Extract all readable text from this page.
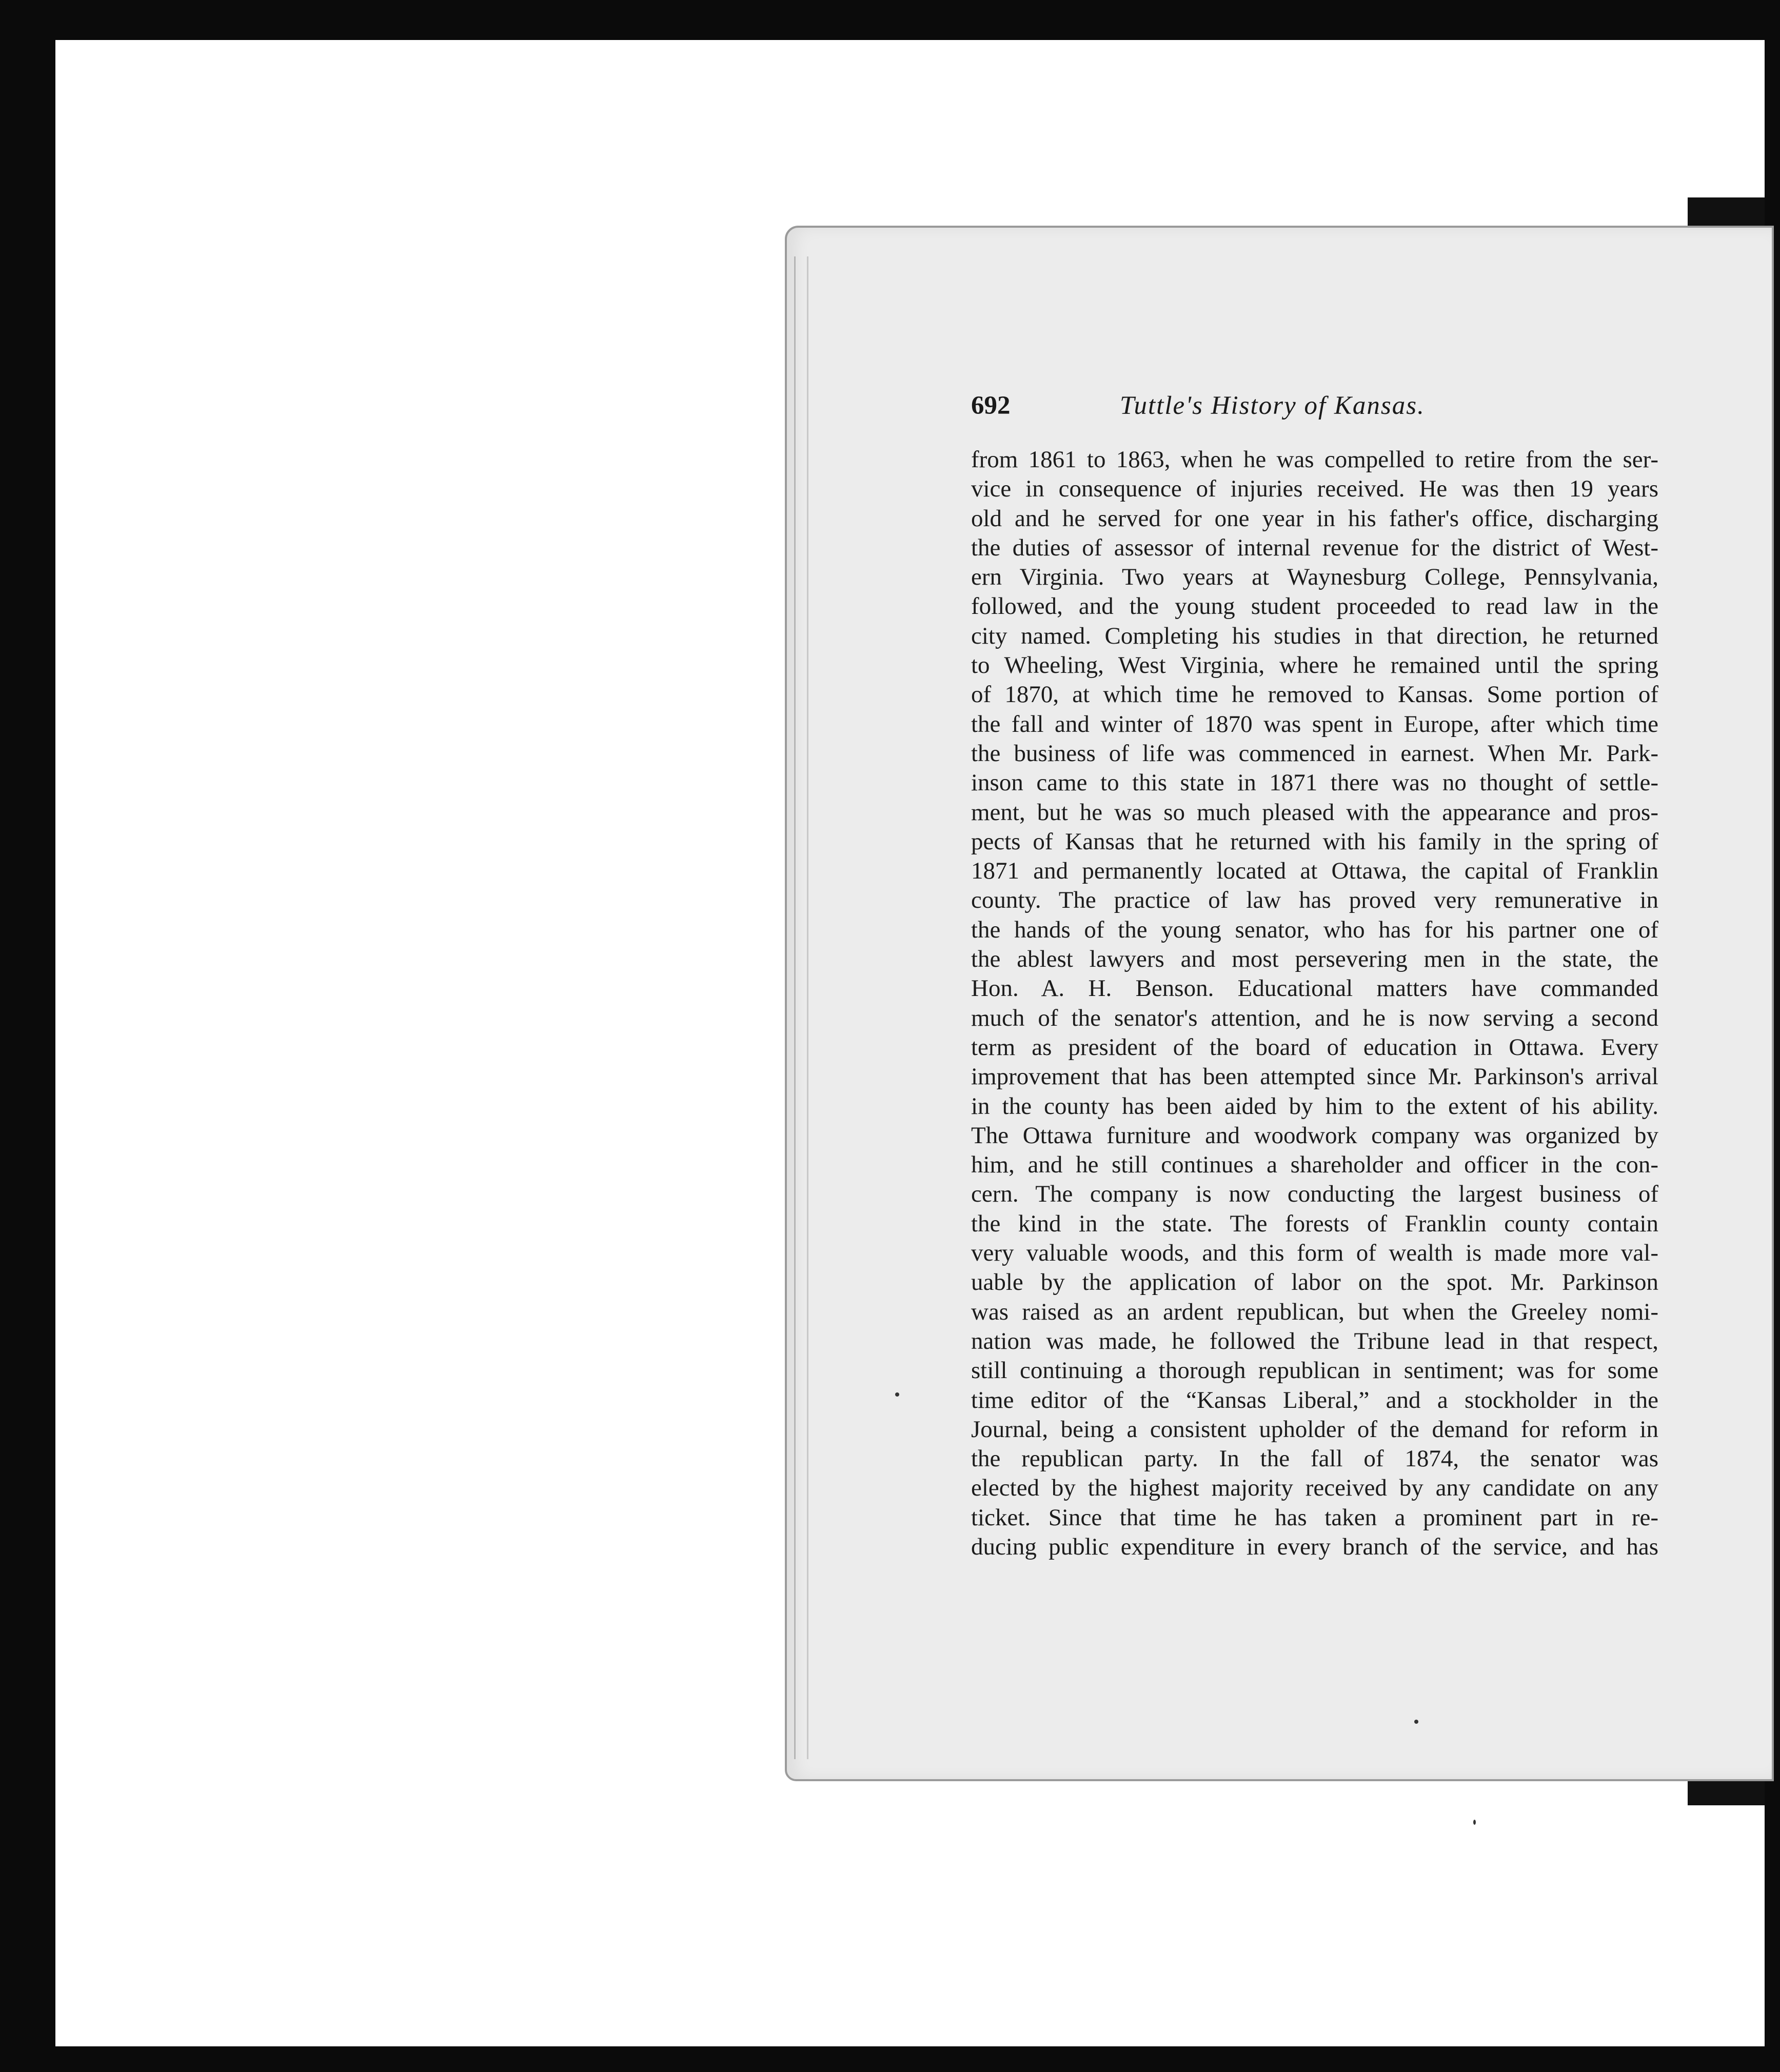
692	Tuttle's History of Kansas.
from 1861 to 1863, when he was compelled to retire from the ser-
vice in consequence of injuries received. He was then 19 years
old and he served for one year in his father's office, discharging
the duties of assessor of internal revenue for the district of West-
ern Virginia. Two years at Waynesburg College, Pennsylvania,
followed, and the young student proceeded to read law in the
city named. Completing his studies in that direction, he returned
to Wheeling, West Virginia, where he remained until the spring
of 1870, at which time he removed to Kansas. Some portion of
the fall and winter of 1870 was spent in Europe, after which time
the business of life was commenced in earnest. When Mr. Park-
inson came to this state in 1871 there was no thought of settle-
ment, but he was so much pleased with the appearance and pros-
pects of Kansas that he returned with his family in the spring of
1871 and permanently located at Ottawa, the capital of Franklin
county. The practice of law has proved very remunerative in
the hands of the young senator, who has for his partner one of
the ablest lawyers and most persevering men in the state, the
Hon. A. H. Benson. Educational matters have commanded
much of the senator's attention, and he is now serving a second
term as president of the board of education in Ottawa. Every
improvement that has been attempted since Mr. Parkinson's arrival
in the county has been aided by him to the extent of his ability.
The Ottawa furniture and woodwork company was organized by
him, and he still continues a shareholder and officer in the con-
cern. The company is now conducting the largest business of
the kind in the state. The forests of Franklin county contain
very valuable woods, and this form of wealth is made more val-
uable by the application of labor on the spot. Mr. Parkinson
was raised as an ardent republican, but when the Greeley nomi-
nation was made, he followed the Tribune lead in that respect,
still continuing a thorough republican in sentiment; was for some
time editor of the “Kansas Liberal,” and a stockholder in the
Journal, being a consistent upholder of the demand for reform in
the republican party. In the fall of 1874, the senator was
elected by the highest majority received by any candidate on any
ticket. Since that time he has taken a prominent part in re-
ducing public expenditure in every branch of the service, and has
